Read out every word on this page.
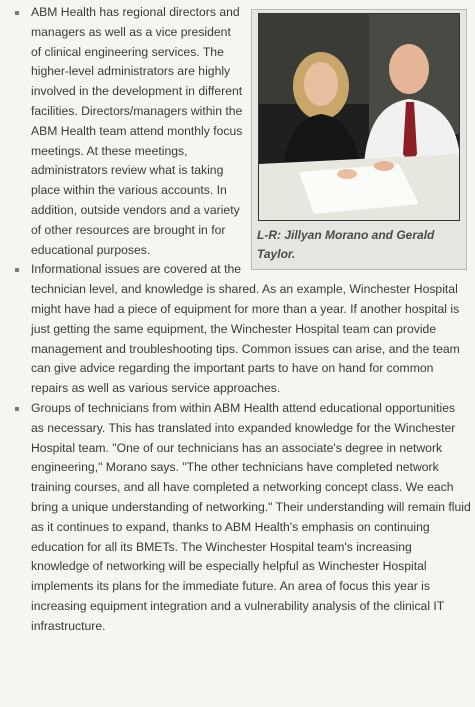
L-R: Jillyan Morano and Gerald Taylor.
ABM Health has regional directors and managers as well as a vice president of clinical engineering services. The higher-level administrators are highly involved in the development in different facilities. Directors/managers within the ABM Health team attend monthly focus meetings. At these meetings, administrators review what is taking place within the various accounts. In addition, outside vendors and a variety of other resources are brought in for educational purposes.
Informational issues are covered at the technician level, and knowledge is shared. As an example, Winchester Hospital might have had a piece of equipment for more than a year. If another hospital is just getting the same equipment, the Winchester Hospital team can provide management and troubleshooting tips. Common issues can arise, and the team can give advice regarding the important parts to have on hand for common repairs as well as various service approaches.
Groups of technicians from within ABM Health attend educational opportunities as necessary. This has translated into expanded knowledge for the Winchester Hospital team. "One of our technicians has an associate's degree in network engineering," Morano says. "The other technicians have completed network training courses, and all have completed a networking concept class. We each bring a unique understanding of networking." Their understanding will remain fluid as it continues to expand, thanks to ABM Health's emphasis on continuing education for all its BMETs. The Winchester Hospital team's increasing knowledge of networking will be especially helpful as Winchester Hospital implements its plans for the immediate future. An area of focus this year is increasing equipment integration and a vulnerability analysis of the clinical IT infrastructure.
